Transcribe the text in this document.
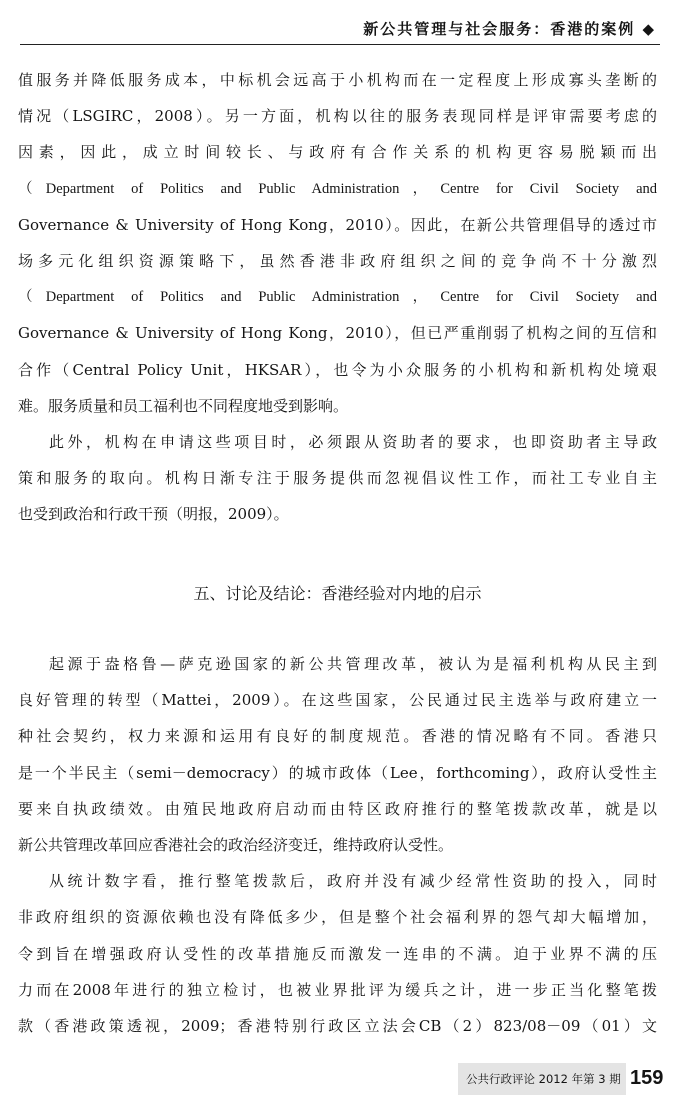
新公共管理与社会服务：香港的案例 ◆
值服务并降低服务成本，中标机会远高于小机构而在一定程度上形成寡头垄断的
情况（LSGIRC，2008）。另一方面，机构以往的服务表现同样是评审需要考虑的
因素，因此，成立时间较长、与政府有合作关系的机构更容易脱颖而出
（Department of Politics and Public Administration，Centre for Civil Society and
Governance & University of Hong Kong，2010）。因此，在新公共管理倡导的透过市
场多元化组织资源策略下，虽然香港非政府组织之间的竞争尚不十分激烈
（Department of Politics and Public Administration，Centre for Civil Society and
Governance & University of Hong Kong，2010），但已严重削弱了机构之间的互信和
合作（Central Policy Unit，HKSAR），也令为小众服务的小机构和新机构处境艰
难。服务质量和员工福利也不同程度地受到影响。
此外，机构在申请这些项目时，必须跟从资助者的要求，也即资助者主导政
策和服务的取向。机构日渐专注于服务提供而忽视倡议性工作，而社工专业自主
也受到政治和行政干预（明报，2009）。
五、讨论及结论：香港经验对内地的启示
起源于盎格鲁—萨克逊国家的新公共管理改革，被认为是福利机构从民主到
良好管理的转型（Mattei，2009）。在这些国家，公民通过民主选举与政府建立一
种社会契约，权力来源和运用有良好的制度规范。香港的情况略有不同。香港只
是一个半民主（semi－democracy）的城市政体（Lee，forthcoming），政府认受性主
要来自执政绩效。由殖民地政府启动而由特区政府推行的整笔拨款改革，就是以
新公共管理改革回应香港社会的政治经济变迁，维持政府认受性。
从统计数字看，推行整笔拨款后，政府并没有减少经常性资助的投入，同时
非政府组织的资源依赖也没有降低多少，但是整个社会福利界的怨气却大幅增加，
令到旨在增强政府认受性的改革措施反而激发一连串的不满。迫于业界不满的压
力而在2008年进行的独立检讨，也被业界批评为缓兵之计，进一步正当化整笔拨
款（香港政策透视，2009；香港特别行政区立法会CB（2）823/08－09（01）文
公共行政评论 2012 年第 3 期 159
